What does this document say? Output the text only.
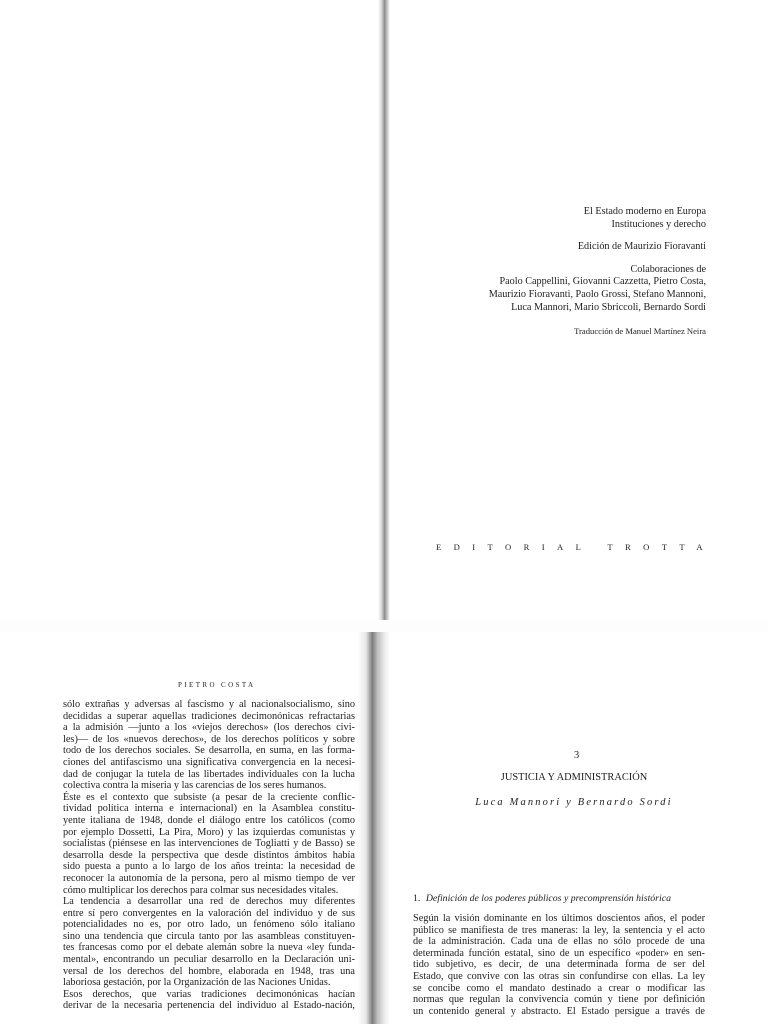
El Estado moderno en Europa

Instituciones y derecho

Edición de Maurizio Fioravanti

Colaboraciones de

Paolo Cappellini, Giovanni Cazzetta, Pietro Costa,

Maurizio Fioravanti, Paolo Grossi, Stefano Mannoni,

Luca Mannori, Mario Sbriccoli, Bernardo Sordi

Traducción de Manuel Martínez Neira
EDITORIAL TROTTA
PIETRO COSTA
sólo extrañas y adversas al fascismo y al nacionalsocialismo, sino
decididas a superar aquellas tradiciones decimonónicas refractarias
a la admisión —junto a los «viejos derechos» (los derechos civi-
les)— de los «nuevos derechos», de los derechos políticos y sobre
todo de los derechos sociales. Se desarrolla, en suma, en las forma-
ciones del antifascismo una significativa convergencia en la necesi-
dad de conjugar la tutela de las libertades individuales con la lucha
colectiva contra la miseria y las carencias de los seres humanos.
Éste es el contexto que subsiste (a pesar de la creciente conflic-
tividad política interna e internacional) en la Asamblea constitu-
yente italiana de 1948, donde el diálogo entre los católicos (como
por ejemplo Dossetti, La Pira, Moro) y las izquierdas comunistas y
socialistas (piénsese en las intervenciones de Togliatti y de Basso) se
desarrolla desde la perspectiva que desde distintos ámbitos había
sido puesta a punto a lo largo de los años treinta: la necesidad de
reconocer la autonomía de la persona, pero al mismo tiempo de ver
cómo multiplicar los derechos para colmar sus necesidades vitales.
La tendencia a desarrollar una red de derechos muy diferentes
entre sí pero convergentes en la valoración del individuo y de sus
potencialidades no es, por otro lado, un fenómeno sólo italiano
sino una tendencia que circula tanto por las asambleas constituyen-
tes francesas como por el debate alemán sobre la nueva «ley funda-
mental», encontrando un peculiar desarrollo en la Declaración uni-
versal de los derechos del hombre, elaborada en 1948, tras una
laboriosa gestación, por la Organización de las Naciones Unidas.
Esos derechos, que varias tradiciones decimonónicas hacían
derivar de la necesaria pertenencia del individuo al Estado-nación,
3
JUSTICIA Y ADMINISTRACIÓN
Luca Mannori y Bernardo Sordi
1. Definición de los poderes públicos y precomprensión histórica
Según la visión dominante en los últimos doscientos años, el poder
público se manifiesta de tres maneras: la ley, la sentencia y el acto
de la administración. Cada una de ellas no sólo procede de una
determinada función estatal, sino de un específico «poder» en sen-
tido subjetivo, es decir, de una determinada forma de ser del
Estado, que convive con las otras sin confundirse con ellas. La ley
se concibe como el mandato destinado a crear o modificar las
normas que regulan la convivencia común y tiene por definición
un contenido general y abstracto. El Estado persigue a través de
